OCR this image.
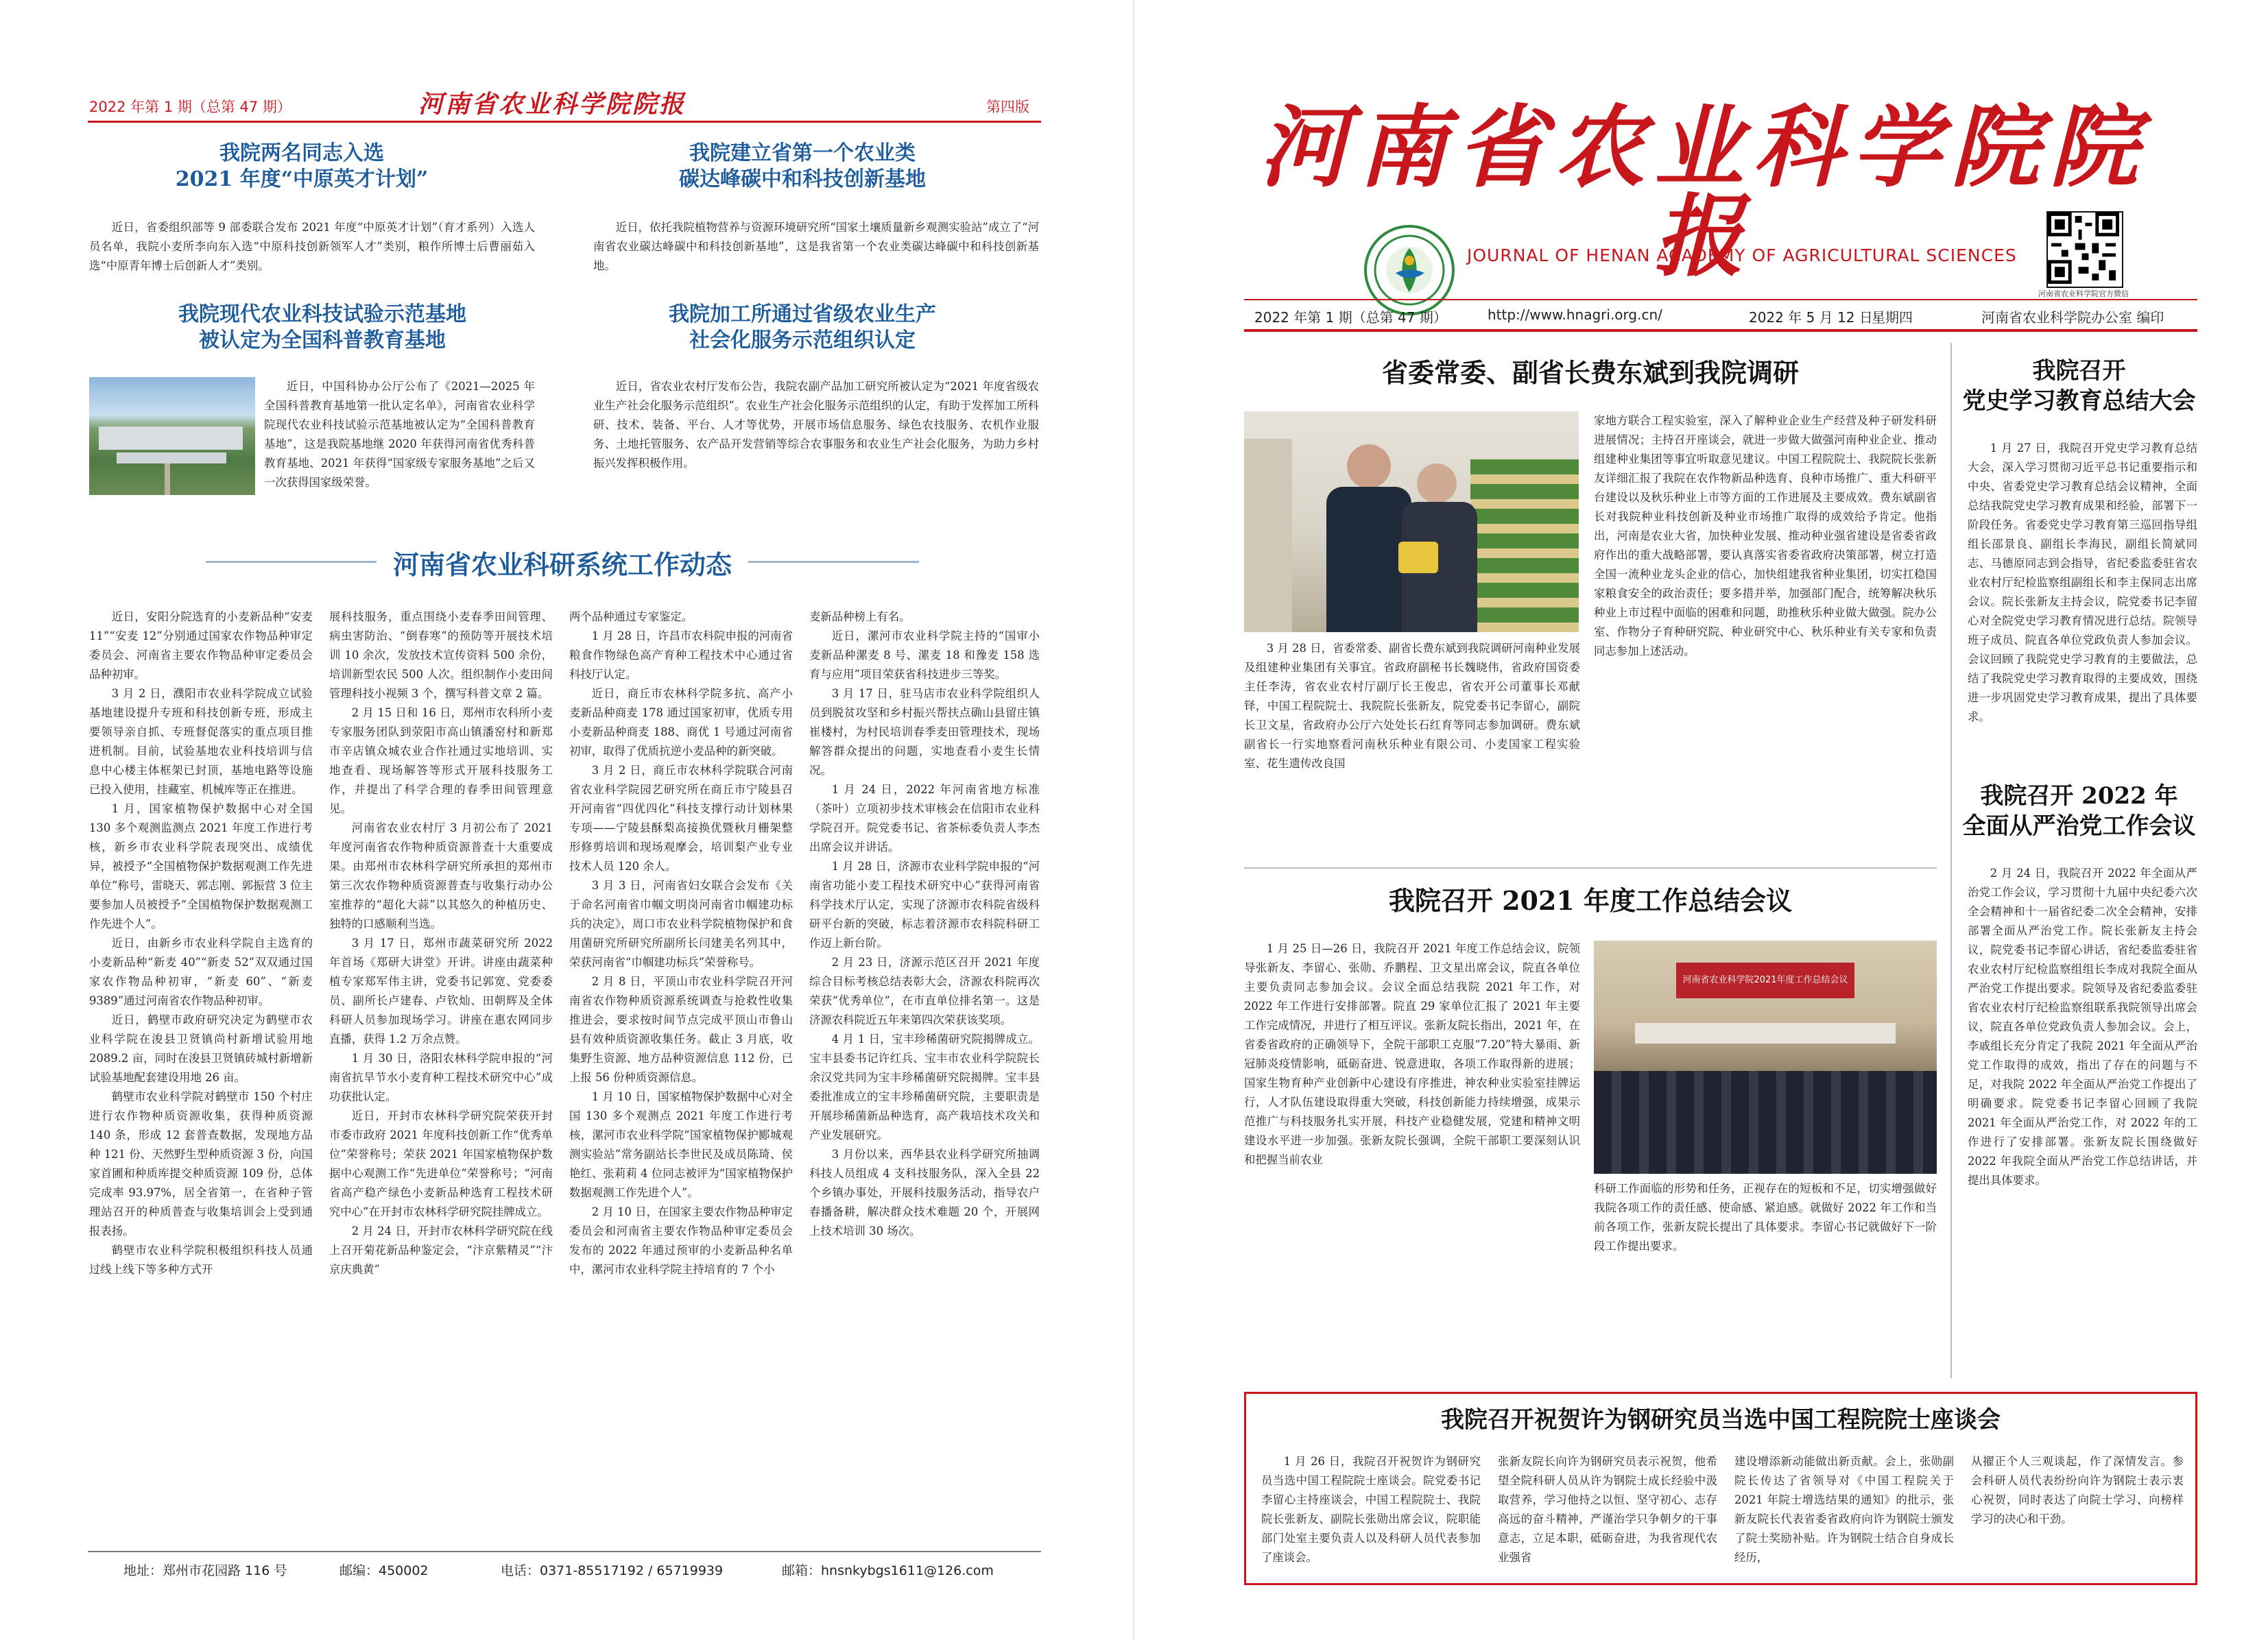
2022 年第 1 期（总第 47 期）	河南省农业科学院院报	第四版
我院两名同志入选
2021 年度“中原英才计划”

近日，省委组织部等 9 部委联合发布 2021 年度“中原英才计划”（育才系列）入选人员名单，我院小麦所李向东入选“中原科技创新领军人才”类别，粮作所博士后曹丽茹入选“中原青年博士后创新人才”类别。

我院建立省第一个农业类
碳达峰碳中和科技创新基地

近日，依托我院植物营养与资源环境研究所“国家土壤质量新乡观测实验站”成立了“河南省农业碳达峰碳中和科技创新基地”，这是我省第一个农业类碳达峰碳中和科技创新基地。

我院现代农业科技试验示范基地
被认定为全国科普教育基地

近日，中国科协办公厅公布了《2021—2025 年全国科普教育基地第一批认定名单》，河南省农业科学院现代农业科技试验示范基地被认定为“全国科普教育基地”，这是我院基地继 2020 年获得河南省优秀科普教育基地、2021 年获得“国家级专家服务基地”之后又一次获得国家级荣誉。

我院加工所通过省级农业生产
社会化服务示范组织认定

近日，省农业农村厅发布公告，我院农副产品加工研究所被认定为“2021 年度省级农业生产社会化服务示范组织”。农业生产社会化服务示范组织的认定，有助于发挥加工所科研、技术、装备、平台、人才等优势，开展市场信息服务、绿色农技服务、农机作业服务、土地托管服务、农产品开发营销等综合农事服务和农业生产社会化服务，为助力乡村振兴发挥积极作用。

河南省农业科研系统工作动态

近日，安阳分院选育的小麦新品种“安麦 11”“安麦 12”分别通过国家农作物品种审定委员会、河南省主要农作物品种审定委员会品种初审。

3 月 2 日，濮阳市农业科学院成立试验基地建设提升专班和科技创新专班，形成主要领导亲自抓、专班督促落实的重点项目推进机制。目前，试验基地农业科技培训与信息中心楼主体框架已封顶，基地电路等设施已投入使用，挂藏室、机械库等正在推进。

1 月，国家植物保护数据中心对全国 130 多个观测监测点 2021 年度工作进行考核，新乡市农业科学院表现突出、成绩优异，被授予“全国植物保护数据观测工作先进单位”称号，雷晓天、郭志刚、郭振营 3 位主要参加人员被授予“全国植物保护数据观测工作先进个人”。

近日，由新乡市农业科学院自主选育的小麦新品种“新麦 40”“新麦 52”双双通过国家农作物品种初审，“新麦 60”、“新麦 9389”通过河南省农作物品种初审。

近日，鹤壁市政府研究决定为鹤壁市农业科学院在浚县卫贤镇尚村新增试验用地 2089.2 亩，同时在浚县卫贤镇砖城村新增新试验基地配套建设用地 26 亩。

鹤壁市农业科学院对鹤壁市 150 个村庄进行农作物种质资源收集，获得种质资源 140 条，形成 12 套普查数据，发现地方品种 121 份、天然野生型种质资源 3 份，向国家首圃和种质库提交种质资源 109 份，总体完成率 93.97%，居全省第一，在省种子管理站召开的种质普查与收集培训会上受到通报表扬。

鹤壁市农业科学院积极组织科技人员通过线上线下等多种方式开

展科技服务，重点围绕小麦春季田间管理、病虫害防治、“倒春寒”的预防等开展技术培训 10 余次，发放技术宣传资料 500 余份，培训新型农民 500 人次。组织制作小麦田间管理科技小视频 3 个，撰写科普文章 2 篇。

2 月 15 日和 16 日，郑州市农科所小麦专家服务团队到荥阳市高山镇潘窑村和新郑市辛店镇众城农业合作社通过实地培训、实地查看、现场解答等形式开展科技服务工作，并提出了科学合理的春季田间管理意见。

河南省农业农村厅 3 月初公布了 2021 年度河南省农作物种质资源普查十大重要成果。由郑州市农林科学研究所承担的郑州市第三次农作物种质资源普查与收集行动办公室推荐的“超化大蒜”以其悠久的种植历史、独特的口感顺利当选。

3 月 17 日，郑州市蔬菜研究所 2022 年首场《郑研大讲堂》开讲。讲座由蔬菜种植专家郑军伟主讲，党委书记郭宽、党委委员、副所长卢建春、卢钦灿、田朝辉及全体科研人员参加现场学习。讲座在惠农网同步直播，获得 1.2 万余点赞。

1 月 30 日，洛阳农林科学院申报的“河南省抗旱节水小麦育种工程技术研究中心”成功获批认定。

近日，开封市农林科学研究院荣获开封市委市政府 2021 年度科技创新工作“优秀单位”荣誉称号；荣获 2021 年国家植物保护数据中心观测工作“先进单位”荣誉称号；“河南省高产稳产绿色小麦新品种选育工程技术研究中心”在开封市农林科学研究院挂牌成立。

2 月 24 日，开封市农林科学研究院在线上召开菊花新品种鉴定会，“汴京紫精灵”“汴京庆典黄”

两个品种通过专家鉴定。

1 月 28 日，许昌市农科院申报的河南省粮食作物绿色高产育种工程技术中心通过省科技厅认定。

近日，商丘市农林科学院多抗、高产小麦新品种商麦 178 通过国家初审，优质专用小麦新品种商麦 188、商优 1 号通过河南省初审，取得了优质抗逆小麦品种的新突破。

3 月 2 日，商丘市农林科学院联合河南省农业科学院园艺研究所在商丘市宁陵县召开河南省“四优四化”科技支撑行动计划林果专项——宁陵县酥梨高接换优暨秋月栅架整形修剪培训和现场观摩会，培训梨产业专业技术人员 120 余人。

3 月 3 日，河南省妇女联合会发布《关于命名河南省巾帼文明岗河南省巾帼建功标兵的决定》，周口市农业科学院植物保护和食用菌研究所研究所副所长闫建美名列其中，荣获河南省“巾帼建功标兵”荣誉称号。

2 月 8 日，平顶山市农业科学院召开河南省农作物种质资源系统调查与抢救性收集推进会，要求按时间节点完成平顶山市鲁山县有效种质资源收集任务。截止 3 月底，收集野生资源、地方品种资源信息 112 份，已上报 56 份种质资源信息。

1 月 10 日，国家植物保护数据中心对全国 130 多个观测点 2021 年度工作进行考核，漯河市农业科学院“国家植物保护郾城观测实验站”常务副站长李世民及成员陈琦、侯艳红、张莉莉 4 位同志被评为“国家植物保护数据观测工作先进个人”。

2 月 10 日，在国家主要农作物品种审定委员会和河南省主要农作物品种审定委员会发布的 2022 年通过预审的小麦新品种名单中，漯河市农业科学院主持培育的 7 个小

麦新品种榜上有名。

近日，漯河市农业科学院主持的“国审小麦新品种漯麦 8 号、漯麦 18 和豫麦 158 选育与应用”项目荣获省科技进步三等奖。

3 月 17 日，驻马店市农业科学院组织人员到脱贫攻坚和乡村振兴帮扶点确山县留庄镇崔楼村，为村民培训春季麦田管理技术，现场解答群众提出的问题，实地查看小麦生长情况。

1 月 24 日，2022 年河南省地方标准（茶叶）立项初步技术审核会在信阳市农业科学院召开。院党委书记、省茶标委负责人李杰出席会议并讲话。

1 月 28 日，济源市农业科学院申报的“河南省功能小麦工程技术研究中心”获得河南省科学技术厅认定，实现了济源市农科院省级科研平台新的突破，标志着济源市农科院科研工作迈上新台阶。

2 月 23 日，济源示范区召开 2021 年度综合目标考核总结表彰大会，济源农科院再次荣获“优秀单位”，在市直单位排名第一。这是济源农科院近五年来第四次荣获该奖项。

4 月 1 日，宝丰珍稀菌研究院揭牌成立。宝丰县委书记许红兵、宝丰市农业科学院院长余汉党共同为宝丰珍稀菌研究院揭牌。宝丰县委批准成立的宝丰珍稀菌研究院，主要职责是开展珍稀菌新品种选育，高产栽培技术攻关和产业发展研究。

3 月份以来，西华县农业科学研究所抽调科技人员组成 4 支科技服务队，深入全县 22 个乡镇办事处，开展科技服务活动，指导农户春播备耕，解决群众技术难题 20 个，开展网上技术培训 30 场次。

地址：郑州市花园路 116 号	邮编：450002	电话：0371-85517192 / 65719939	邮箱：hnsnkybgs1611@126.com
河南省农业科学院院报
JOURNAL OF HENAN ACADEMY OF AGRICULTURAL SCIENCES
河南省农业科学院官方微信
2022 年第 1 期（总第 47 期）	http://www.hnagri.org.cn/	2022 年 5 月 12 日
星期四	河南省农业科学院办公室 编印
省委常委、副省长费东斌到我院调研

3 月 28 日，省委常委、副省长费东斌到我院调研河南种业发展及组建种业集团有关事宜。省政府副秘书长魏晓伟，省政府国资委主任李涛，省农业农村厅副厅长王俊忠，省农开公司董事长邓献铎，中国工程院院士、我院院长张新友，院党委书记李留心，副院长卫文星，省政府办公厅六处处长石红育等同志参加调研。费东斌副省长一行实地察看河南秋乐种业有限公司、小麦国家工程实验室、花生遗传改良国

家地方联合工程实验室，深入了解种业企业生产经营及种子研发科研进展情况；主持召开座谈会，就进一步做大做强河南种业企业、推动组建种业集团等事宜听取意见建议。中国工程院院士、我院院长张新友详细汇报了我院在农作物新品种选育、良种市场推广、重大科研平台建设以及秋乐种业上市等方面的工作进展及主要成效。费东斌副省长对我院种业科技创新及种业市场推广取得的成效给予肯定。他指出，河南是农业大省，加快种业发展、推动种业强省建设是省委省政府作出的重大战略部署，要认真落实省委省政府决策部署，树立打造全国一流种业龙头企业的信心，加快组建我省种业集团，切实扛稳国家粮食安全的政治责任；要多措并举，加强部门配合，统筹解决秋乐种业上市过程中面临的困难和问题，助推秋乐种业做大做强。院办公室、作物分子育种研究院、种业研究中心、秋乐种业有关专家和负责同志参加上述活动。

我院召开 2021 年度工作总结会议

1 月 25 日—26 日，我院召开 2021 年度工作总结会议，院领导张新友、李留心、张勋、乔鹏程、卫文星出席会议，院直各单位主要负责同志参加会议。会议全面总结我院 2021 年工作，对 2022 年工作进行安排部署。院直 29 家单位汇报了 2021 年主要工作完成情况，并进行了相互评议。张新友院长指出，2021 年，在省委省政府的正确领导下，全院干部职工克服“7.20”特大暴雨、新冠肺炎疫情影响，砥砺奋进、锐意进取，各项工作取得新的进展；国家生物育种产业创新中心建设有序推进，神农种业实验室挂牌运行，人才队伍建设取得重大突破，科技创新能力持续增强，成果示范推广与科技服务扎实开展，科技产业稳健发展，党建和精神文明建设水平进一步加强。张新友院长强调，全院干部职工要深刻认识和把握当前农业

河南省农业科学院2021年度工作总结会议

科研工作面临的形势和任务，正视存在的短板和不足，切实增强做好我院各项工作的责任感、使命感、紧迫感。就做好 2022 年工作和当前各项工作，张新友院长提出了具体要求。李留心书记就做好下一阶段工作提出要求。

我院召开
党史学习教育总结大会

1 月 27 日，我院召开党史学习教育总结大会，深入学习贯彻习近平总书记重要指示和中央、省委党史学习教育总结会议精神，全面总结我院党史学习教育成果和经验，部署下一阶段任务。省委党史学习教育第三巡回指导组组长邵景良、副组长李海民，副组长简斌同志、马德原同志到会指导，省纪委监委驻省农业农村厅纪检监察组副组长和李主保同志出席会议。院长张新友主持会议，院党委书记李留心对全院党史学习教育情况进行总结。院领导班子成员、院直各单位党政负责人参加会议。会议回顾了我院党史学习教育的主要做法，总结了我院党史学习教育取得的主要成效，围绕进一步巩固党史学习教育成果，提出了具体要求。

我院召开 2022 年
全面从严治党工作会议

2 月 24 日，我院召开 2022 年全面从严治党工作会议，学习贯彻十九届中央纪委六次全会精神和十一届省纪委二次全会精神，安排部署全面从严治党工作。院长张新友主持会议，院党委书记李留心讲话，省纪委监委驻省农业农村厅纪检监察组组长李成对我院全面从严治党工作提出要求。院领导及省纪委监委驻省农业农村厅纪检监察组联系我院领导出席会议，院直各单位党政负责人参加会议。会上，李戚组长充分肯定了我院 2021 年全面从严治党工作取得的成效，指出了存在的问题与不足，对我院 2022 年全面从严治党工作提出了明确要求。院党委书记李留心回顾了我院 2021 年全面从严治党工作，对 2022 年的工作进行了安排部署。张新友院长围绕做好 2022 年我院全面从严治党工作总结讲话，并提出具体要求。

我院召开祝贺许为钢研究员当选中国工程院院士座谈会

1 月 26 日，我院召开祝贺许为钢研究员当选中国工程院院士座谈会。院党委书记李留心主持座谈会，中国工程院院士、我院院长张新友、副院长张勋出席会议，院职能部门处室主要负责人以及科研人员代表参加了座谈会。

张新友院长向许为钢研究员表示祝贺，他希望全院科研人员从许为钢院士成长经验中汲取营养，学习他持之以恒、坚守初心、志存高远的奋斗精神，严谨治学只争朝夕的干事意志，立足本职，砥砺奋进，为我省现代农业强省

建设增添新动能做出新贡献。会上，张勋副院长传达了省领导对《中国工程院关于 2021 年院士增选结果的通知》的批示，张新友院长代表省委省政府向许为钢院士颁发了院士奖励补贴。许为钢院士结合自身成长经历，

从擢正个人三观谈起，作了深情发言。参会科研人员代表纷纷向许为钢院士表示衷心祝贺，同时表达了向院士学习、向榜样学习的决心和干劲。
